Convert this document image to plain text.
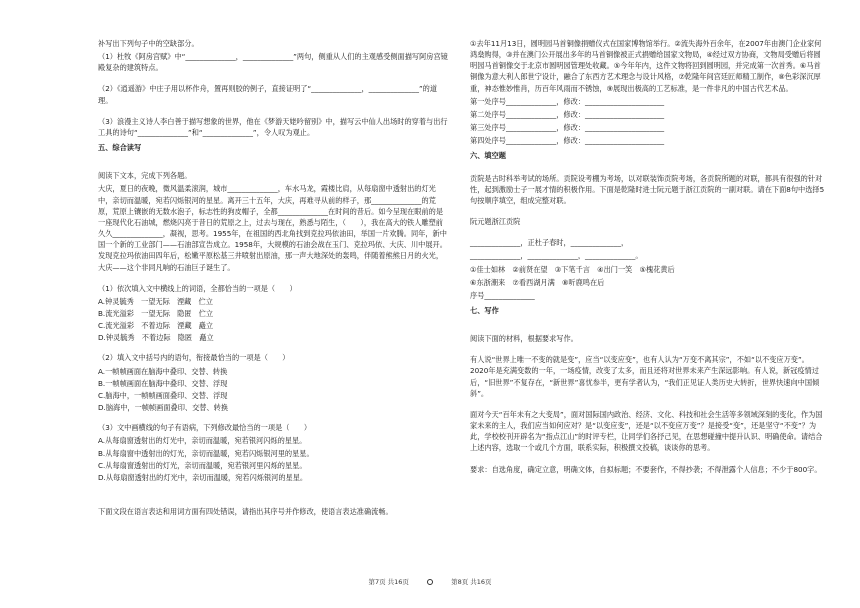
补写出下列句子中的空缺部分。

（1）杜牧《阿房宫赋》中“______________，______________”两句，侧重从人们的主观感受侧面描写阿房宫镜殿复杂的建筑特点。

（2）《逍遥游》中庄子用以杯作舟，置再则胶的例子，直接证明了“______________，______________”的道理。

（3）浪漫主义诗人李白善于描写想象的世界，他在《梦游天姥吟留别》中，描写云中仙人出场时的穿着与出行工具的诗句“______________”和“______________”，令人叹为观止。

五、综合读写

阅读下文本，完成下列各题。

大庆，夏日的夜晚，微风温柔滚润，城市______________，车水马龙，霞楼比肩，从每扇窗中透射出的灯光中，亲切而温暖，宛若闪烁银河的星星。离开三十五年，大庆，再难寻从前的样子，那______________的荒原，荒原上镶嵌的无数水泡子，标志性的狗皮帽子，全都______________在时间的昔后。如今呈现在眼前的是一座现代化石油城，燃烧闪亮于昔日的荒原之上，过去与现在，熟悉与陌生，（　　），我在高大的铁人雕塑前久久______________，凝视，思考。1955年，在祖国的西北角找到克拉玛依油田，举国一片欢腾。同年，新中国一个新的工业部门——石油部宣告成立。1958年，大规模的石油会战在玉门、克拉玛依、大庆、川中展开。发现克拉玛依油田四年后，松嫩平原松基三井喷射出原油，那一声大地深处的轰鸣，伴随着熊熊日月的火光，大庆——这个非同凡响的石油巨子诞生了。

（1）依次填入文中横线上的词语，全都恰当的一项是（　　）

A.钟灵毓秀　一望无际　湮藏　伫立

B.流光溢彩　一望无际　隐匿　伫立

C.流光溢彩　不着边际　湮藏　矗立

D.钟灵毓秀　不着边际　隐匿　矗立

（2）填入文中括号内的语句，衔接最恰当的一项是（　　）

A.一帧帧画面在脑海中叠印、交替、转换

B.一帧帧画面在脑海中叠印、交替、浮现

C.脑海中，一帧帧画面叠印、交替、浮现

D.脑海中，一帧帧画面叠印、交替、转换

（3）文中画横线的句子有语病，下列修改最恰当的一项是（　　）

A.从每扇窗透射出的灯光中，亲切而温暖，宛若银河闪烁的星星。

B.从每扇窗中透射出的灯光，亲切而温暖，宛若闪烁银河里的星星。

C.从每扇窗透射出的灯光，亲切而温暖，宛若银河里闪烁的星星。

D.从每扇窗透射出的灯光中，亲切而温暖，宛若闪烁银河的星星。

下面文段在语言表达和用词方面有四处错误，请指出其序号并作修改，使语言表达准确流畅。

①去年11月13日，圆明园马首铜像捐赠仪式在国家博物馆举行。②流失海外百余年，在2007年由澳门企业家何鸿燊购得，③并在澳门公开展出多年的马首铜像被正式捐赠给国家文物局，④经过双方协商，文物局受赠后将圆明园马首铜像交于北京市圆明园管理处收藏。⑤今年年内，这件文物将回到圆明园，并完成第一次首秀。⑥马首铜像为意大利人郎世宁设计，融合了东西方艺术理念与设计风格，⑦乾隆年间宫廷匠师精工制作，⑧色彩深沉厚重，神态惟妙惟肖，历百年风雨而不锈蚀，⑨展现出极高的工艺标准，是一件非凡的中国古代艺术品。

第一处序号______________，修改：______________________

第二处序号______________，修改：______________________

第三处序号______________，修改：______________________

第四处序号______________，修改：______________________

六、填空题

贡院是古时科举考试的场所。贡院设考棚为考场，以对联装饰贡院考场，各贡院所题的对联，都具有很强的针对性，起到激励士子一展才情的积极作用。下面是乾隆时进士阮元题于浙江贡院的一副对联。请在下面8句中选择5句按顺序填空，组成完整对联。

阮元题浙江贡院

______________，正杜子春时，______________，

______________，______________，______________。

①佳士如林　②前贤在望　③下笔千言　④出门一笑　⑤槐花黄后

⑥东浙潮来　⑦看西湖月满　⑧听鹿鸣在后

序号______________

七、写作

阅读下面的材料，根据要求写作。

有人说“世界上唯一不变的就是变”，应当“以变应变”，也有人认为“万变不离其宗”，不如“以不变应万变”。2020年是充满变数的一年，一场疫情，改变了太多，而且还将对世界未来产生深远影响。有人说，新冠疫情过后，“旧世界”不复存在，“新世界”喜忧参半，更有学者认为，“我们正见证人类历史大转折，世界快速向中国倾斜”。

面对今天“百年未有之大变局”，面对国际国内政治、经济、文化、科技和社会生活等多领域深刻的变化，作为国家未来的主人，我们应当如何应对？是“以变应变”，还是“以不变应万变”？是接受“变”，还是坚守“不变”？为此，学校校刊开辟名为“指点江山”的时评专栏，让同学们各抒己见，在思想碰撞中提升认识、明确使命。请结合上述内容，选取一个或几个方面，联系实际，积极撰文投稿，谈谈你的思考。

要求：自选角度，确定立意，明确文体，自拟标题；不要套作，不得抄袭；不得泄露个人信息；不少于800字。

第7页 共16页	第8页 共16页
